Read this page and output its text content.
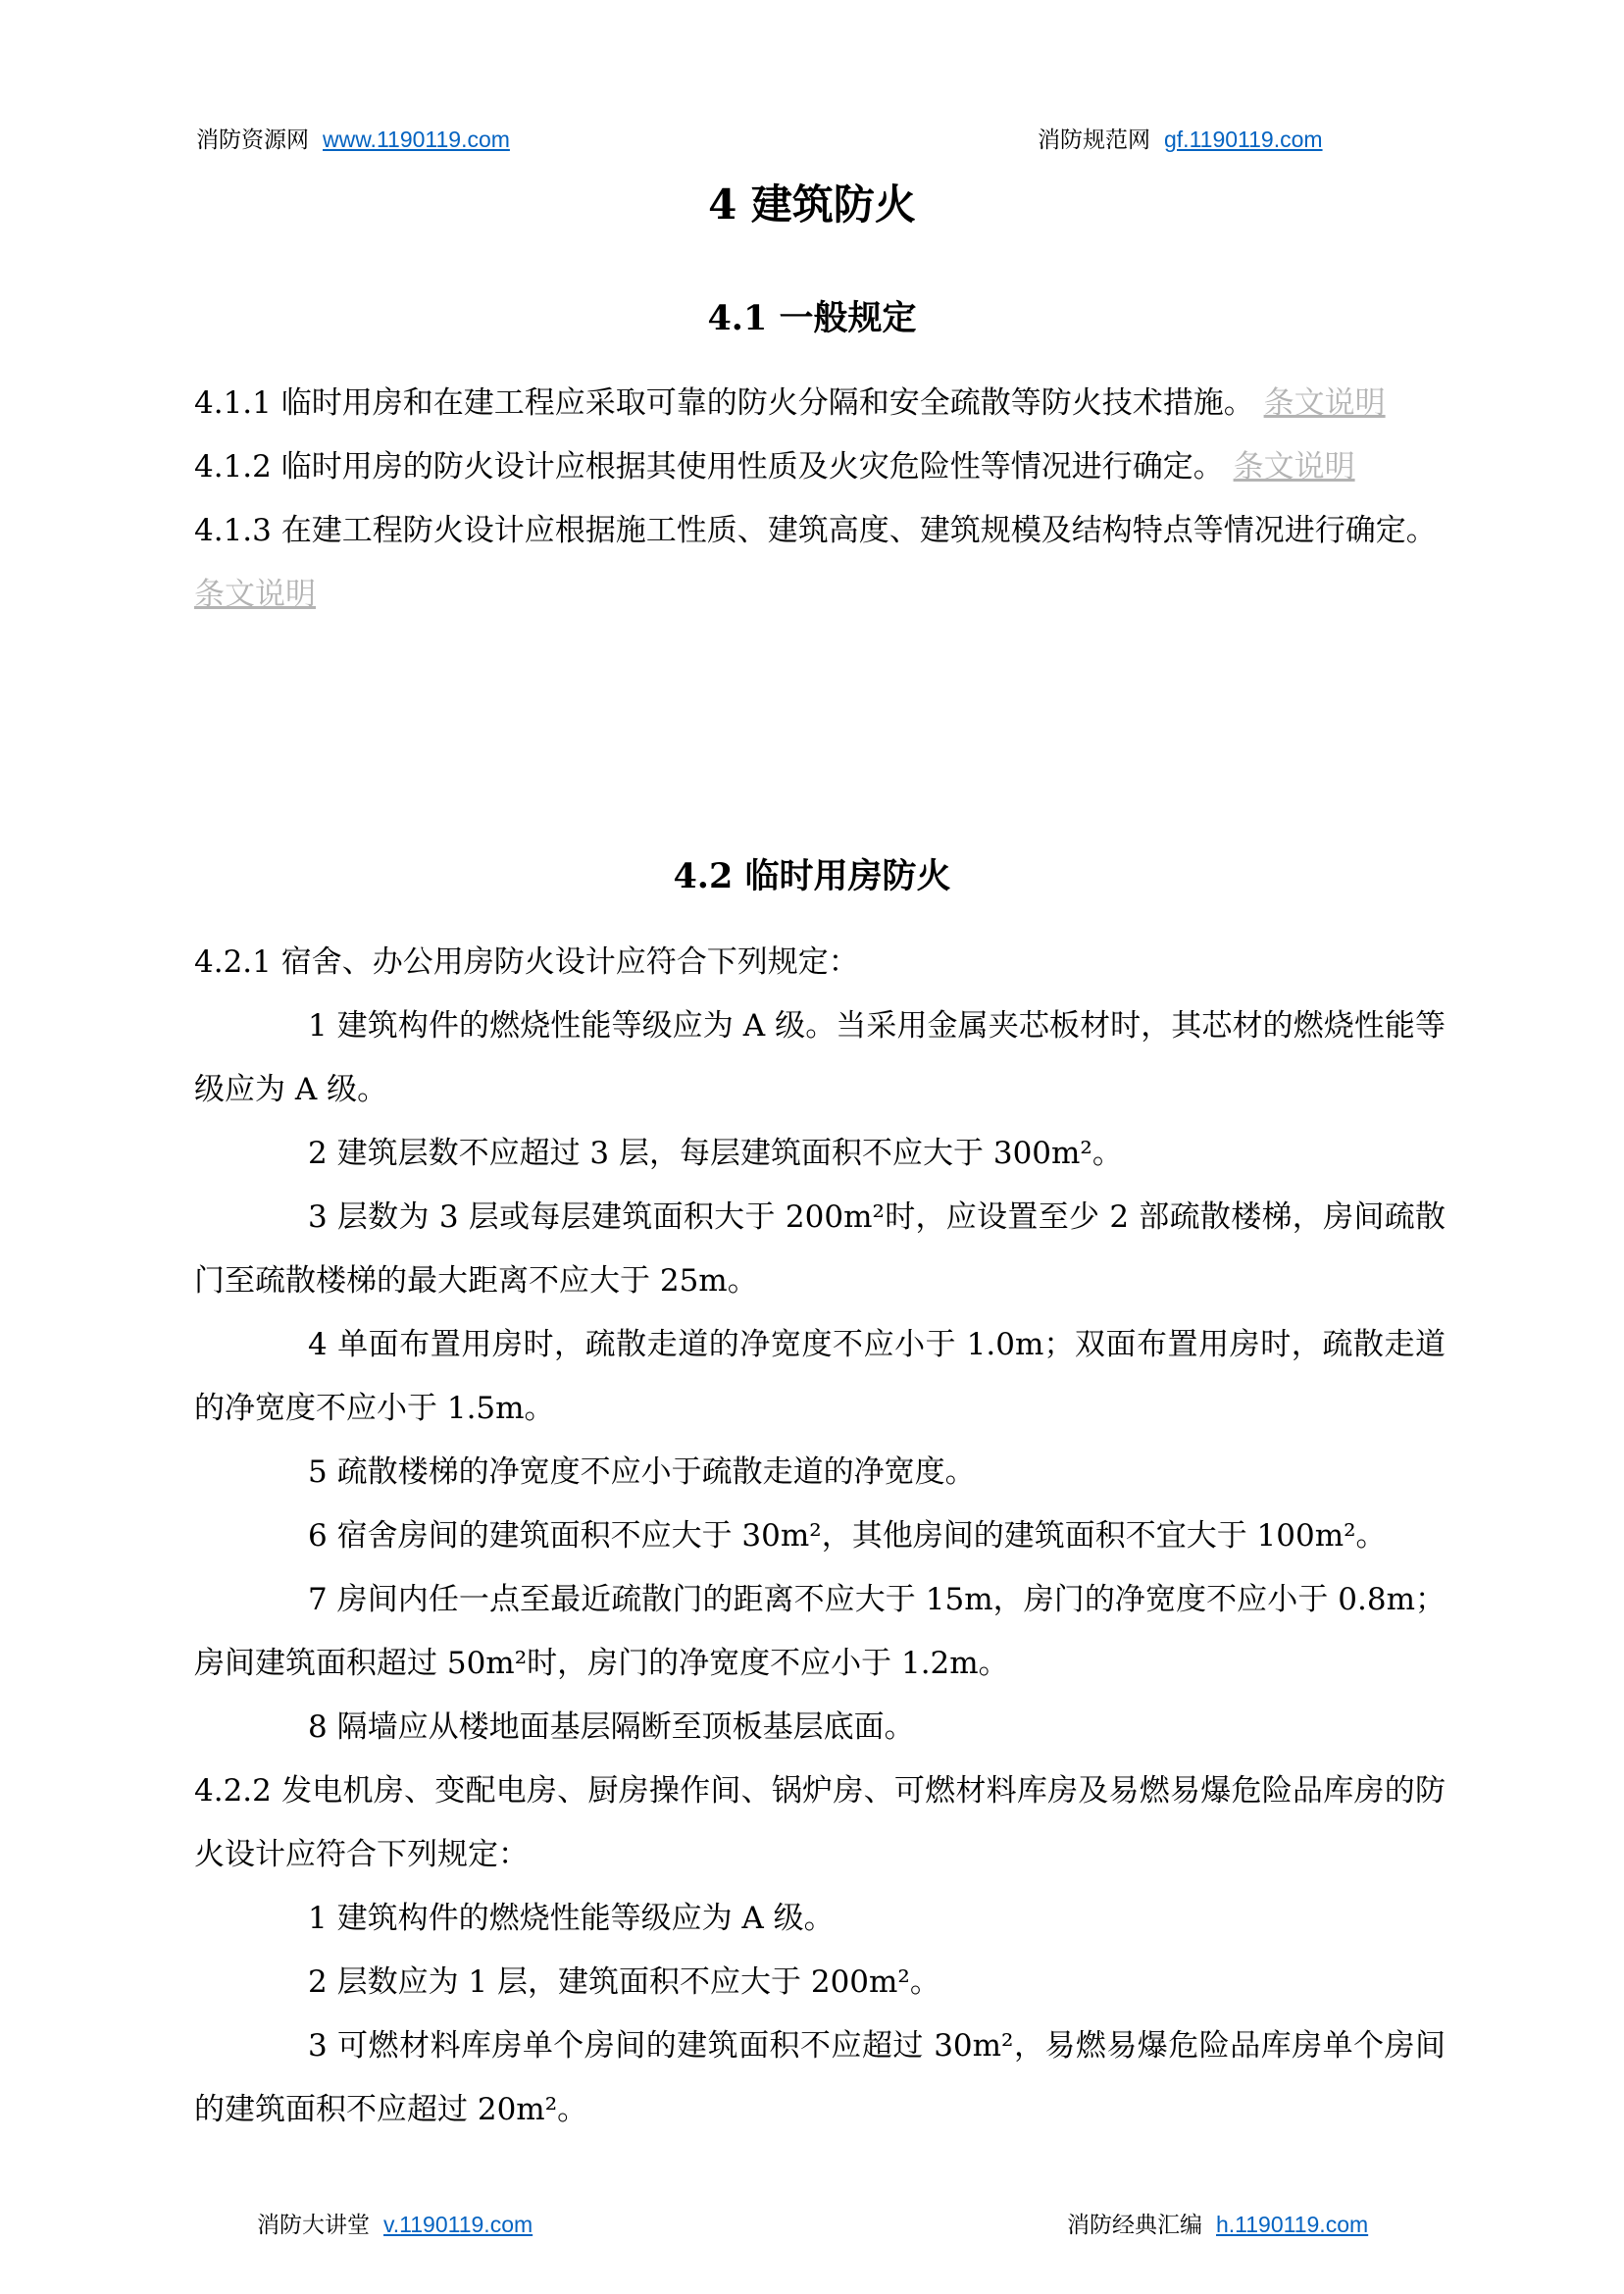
消防资源网 www.1190119.com	消防规范网 gf.1190119.com
4 建筑防火
4.1 一般规定

4.1.1 临时用房和在建工程应采取可靠的防火分隔和安全疏散等防火技术措施。 条文说明

4.1.2 临时用房的防火设计应根据其使用性质及火灾危险性等情况进行确定。 条文说明

4.1.3 在建工程防火设计应根据施工性质、建筑高度、建筑规模及结构特点等情况进行确定。

条文说明

4.2 临时用房防火

4.2.1 宿舍、办公用房防火设计应符合下列规定：

1 建筑构件的燃烧性能等级应为 A 级。当采用金属夹芯板材时，其芯材的燃烧性能等级应为 A 级。

2 建筑层数不应超过 3 层，每层建筑面积不应大于 300m²。

3 层数为 3 层或每层建筑面积大于 200m²时，应设置至少 2 部疏散楼梯，房间疏散门至疏散楼梯的最大距离不应大于 25m。

4 单面布置用房时，疏散走道的净宽度不应小于 1.0m；双面布置用房时，疏散走道的净宽度不应小于 1.5m。

5 疏散楼梯的净宽度不应小于疏散走道的净宽度。

6 宿舍房间的建筑面积不应大于 30m²，其他房间的建筑面积不宜大于 100m²。

7 房间内任一点至最近疏散门的距离不应大于 15m，房门的净宽度不应小于 0.8m；房间建筑面积超过 50m²时，房门的净宽度不应小于 1.2m。

8 隔墙应从楼地面基层隔断至顶板基层底面。

4.2.2 发电机房、变配电房、厨房操作间、锅炉房、可燃材料库房及易燃易爆危险品库房的防火设计应符合下列规定：

1 建筑构件的燃烧性能等级应为 A 级。

2 层数应为 1 层，建筑面积不应大于 200m²。

3 可燃材料库房单个房间的建筑面积不应超过 30m²，易燃易爆危险品库房单个房间的建筑面积不应超过 20m²。

消防大讲堂 v.1190119.com	消防经典汇编 h.1190119.com
